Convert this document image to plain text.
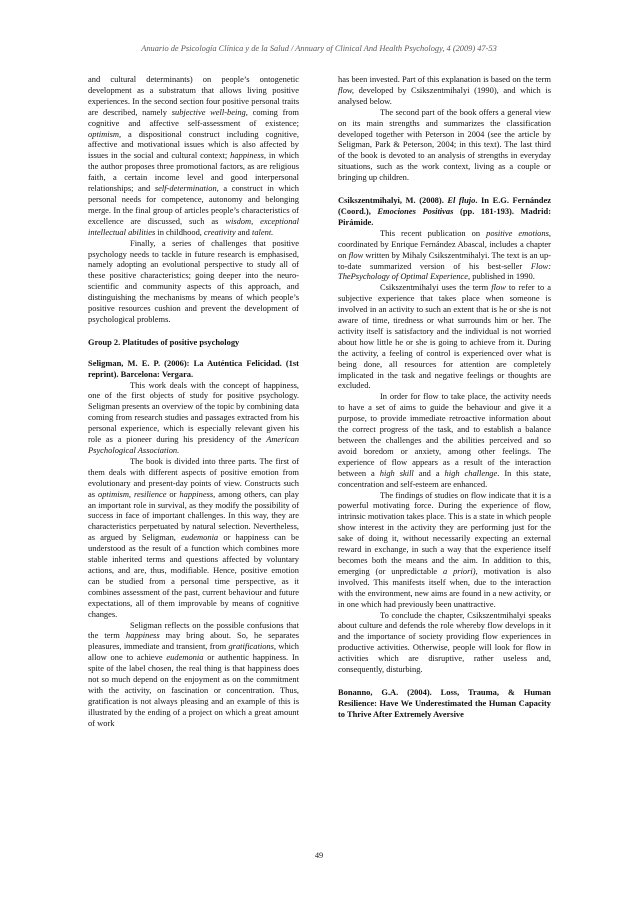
Anuario de Psicología Clínica y de la Salud / Annuary of Clinical And Health Psychology, 4 (2009) 47-53

and cultural determinants) on people’s ontogenetic development as a substratum that allows living positive experiences. In the second section four positive personal traits are described, namely subjective well-being, coming from cognitive and affective self-assessment of existence; optimism, a dispositional construct including cognitive, affective and motivational issues which is also affected by issues in the social and cultural context; happiness, in which the author proposes three promotional factors, as are religious faith, a certain income level and good interpersonal relationships; and self-determination, a construct in which personal needs for competence, autonomy and belonging merge. In the final group of articles people’s characteristics of excellence are discussed, such as wisdom, exceptional intellectual abilities in childhood, creativity and talent.

Finally, a series of challenges that positive psychology needs to tackle in future research is emphasised, namely adopting an evolutional perspective to study all of these positive characteristics; going deeper into the neuro-scientific and community aspects of this approach, and distinguishing the mechanisms by means of which people’s positive resources cushion and prevent the development of psychological problems.

Group 2. Platitudes of positive psychology

Seligman, M. E. P. (2006): La Auténtica Felicidad. (1st reprint). Barcelona: Vergara.

This work deals with the concept of happiness, one of the first objects of study for positive psychology. Seligman presents an overview of the topic by combining data coming from research studies and passages extracted from his personal experience, which is especially relevant given his role as a pioneer during his presidency of the American Psychological Association.

The book is divided into three parts. The first of them deals with different aspects of positive emotion from evolutionary and present-day points of view. Constructs such as optimism, resilience or happiness, among others, can play an important role in survival, as they modify the possibility of success in face of important challenges. In this way, they are characteristics perpetuated by natural selection. Nevertheless, as argued by Seligman, eudemonia or happiness can be understood as the result of a function which combines more stable inherited terms and questions affected by voluntary actions, and are, thus, modifiable. Hence, positive emotion can be studied from a personal time perspective, as it combines assessment of the past, current behaviour and future expectations, all of them improvable by means of cognitive changes.

Seligman reflects on the possible confusions that the term happiness may bring about. So, he separates pleasures, immediate and transient, from gratifications, which allow one to achieve eudemonia or authentic happiness. In spite of the label chosen, the real thing is that happiness does not so much depend on the enjoyment as on the commitment with the activity, on fascination or concentration. Thus, gratification is not always pleasing and an example of this is illustrated by the ending of a project on which a great amount of work

has been invested. Part of this explanation is based on the term flow, developed by Csikszentmihalyi (1990), and which is analysed below.

The second part of the book offers a general view on its main strengths and summarizes the classification developed together with Peterson in 2004 (see the article by Seligman, Park & Peterson, 2004; in this text). The last third of the book is devoted to an analysis of strengths in everyday situations, such as the work context, living as a couple or bringing up children.

Csikszentmihalyi, M. (2008). El flujo. In E.G. Fernández (Coord.), Emociones Positivas (pp. 181-193). Madrid: Pirámide.

This recent publication on positive emotions, coordinated by Enrique Fernández Abascal, includes a chapter on flow written by Mihaly Csikszentmihalyi. The text is an up-to-date summarized version of his best-seller Flow: ThePsychology of Optimal Experience, published in 1990.

Csikszentmihalyi uses the term flow to refer to a subjective experience that takes place when someone is involved in an activity to such an extent that is he or she is not aware of time, tiredness or what surrounds him or her. The activity itself is satisfactory and the individual is not worried about how little he or she is going to achieve from it. During the activity, a feeling of control is experienced over what is being done, all resources for attention are completely implicated in the task and negative feelings or thoughts are excluded.

In order for flow to take place, the activity needs to have a set of aims to guide the behaviour and give it a purpose, to provide immediate retroactive information about the correct progress of the task, and to establish a balance between the challenges and the abilities perceived and so avoid boredom or anxiety, among other feelings. The experience of flow appears as a result of the interaction between a high skill and a high challenge. In this state, concentration and self-esteem are enhanced.

The findings of studies on flow indicate that it is a powerful motivating force. During the experience of flow, intrinsic motivation takes place. This is a state in which people show interest in the activity they are performing just for the sake of doing it, without necessarily expecting an external reward in exchange, in such a way that the experience itself becomes both the means and the aim. In addition to this, emerging (or unpredictable a priori), motivation is also involved. This manifests itself when, due to the interaction with the environment, new aims are found in a new activity, or in one which had previously been unattractive.

To conclude the chapter, Csikszentmihalyi speaks about culture and defends the role whereby flow develops in it and the importance of society providing flow experiences in productive activities. Otherwise, people will look for flow in activities which are disruptive, rather useless and, consequently, disturbing.

Bonanno, G.A. (2004). Loss, Trauma, & Human Resilience: Have We Underestimated the Human Capacity to Thrive After Extremely Aversive

49
